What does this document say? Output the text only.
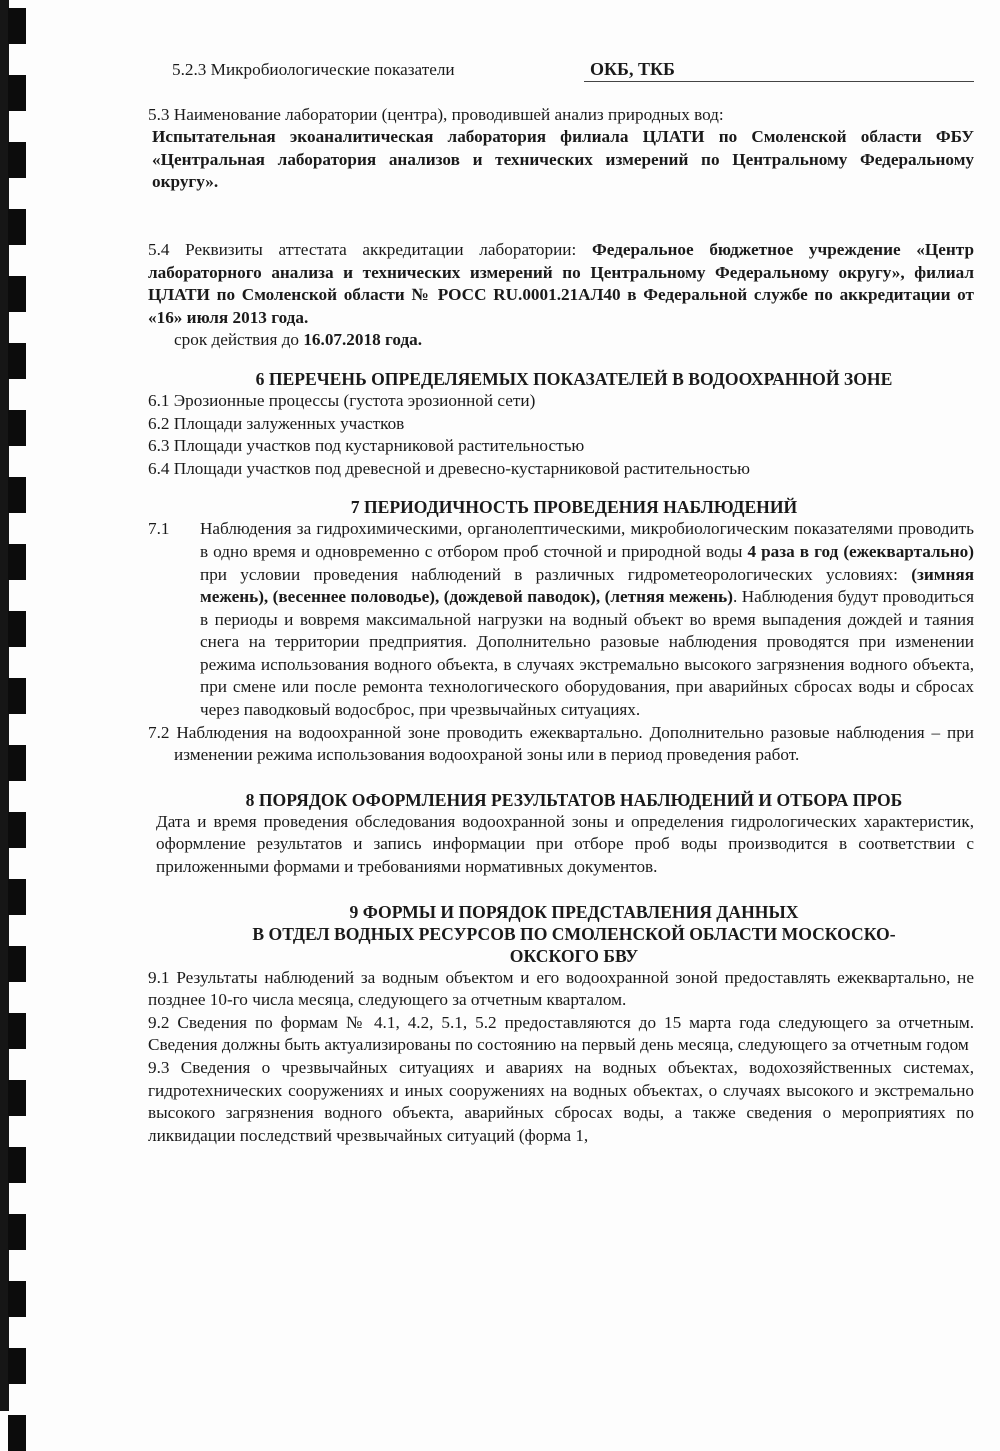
5.2.3 Микробиологические показатели	ОКБ, ТКБ

5.3 Наименование лаборатории (центра), проводившей анализ природных вод:

Испытательная экоаналитическая лаборатория филиала ЦЛАТИ по Смоленской области ФБУ «Центральная лаборатория анализов и технических измерений по Центральному Федеральному округу».

5.4 Реквизиты аттестата аккредитации лаборатории: Федеральное бюджетное учреждение «Центр лабораторного анализа и технических измерений по Центральному Федеральному округу», филиал ЦЛАТИ по Смоленской области № РОСС RU.0001.21АЛ40 в Федеральной службе по аккредитации от «16» июля 2013 года.

срок действия до 16.07.2018 года.

6 ПЕРЕЧЕНЬ ОПРЕДЕЛЯЕМЫХ ПОКАЗАТЕЛЕЙ В ВОДООХРАННОЙ ЗОНЕ
6.1 Эрозионные процессы (густота эрозионной сети)
6.2 Площади залуженных участков
6.3 Площади участков под кустарниковой растительностью
6.4 Площади участков под древесной и древесно-кустарниковой растительностью
7 ПЕРИОДИЧНОСТЬ ПРОВЕДЕНИЯ НАБЛЮДЕНИЙ
7.1	Наблюдения за гидрохимическими, органолептическими, микробиологическим показателями проводить в одно время и одновременно с отбором проб сточной и природной воды 4 раза в год (ежеквартально) при условии проведения наблюдений в различных гидрометеорологических условиях: (зимняя межень), (весеннее половодье), (дождевой паводок), (летняя межень). Наблюдения будут проводиться в периоды и вовремя максимальной нагрузки на водный объект во время выпадения дождей и таяния снега на территории предприятия. Дополнительно разовые наблюдения проводятся при изменении режима использования водного объекта, в случаях экстремально высокого загрязнения водного объекта, при смене или после ремонта технологического оборудования, при аварийных сбросах воды и сбросах через паводковый водосброс, при чрезвычайных ситуациях.

7.2 Наблюдения на водоохранной зоне проводить ежеквартально. Дополнительно разовые наблюдения – при изменении режима использования водоохраной зоны или в период проведения работ.

8 ПОРЯДОК ОФОРМЛЕНИЯ РЕЗУЛЬТАТОВ НАБЛЮДЕНИЙ И ОТБОРА ПРОБ

Дата и время проведения обследования водоохранной зоны и определения гидрологических характеристик, оформление результатов и запись информации при отборе проб воды производится в соответствии с приложенными формами и требованиями нормативных документов.

9 ФОРМЫ И ПОРЯДОК ПРЕДСТАВЛЕНИЯ ДАННЫХ
В ОТДЕЛ ВОДНЫХ РЕСУРСОВ ПО СМОЛЕНСКОЙ ОБЛАСТИ МОСКОСКО-
ОКСКОГО БВУ

9.1 Результаты наблюдений за водным объектом и его водоохранной зоной предоставлять ежеквартально, не позднее 10-го числа месяца, следующего за отчетным кварталом.

9.2 Сведения по формам № 4.1, 4.2, 5.1, 5.2 предоставляются до 15 марта года следующего за отчетным. Сведения должны быть актуализированы по состоянию на первый день месяца, следующего за отчетным годом

9.3 Сведения о чрезвычайных ситуациях и авариях на водных объектах, водохозяйственных системах, гидротехнических сооружениях и иных сооружениях на водных объектах, о случаях высокого и экстремально высокого загрязнения водного объекта, аварийных сбросах воды, а также сведения о мероприятиях по ликвидации последствий чрезвычайных ситуаций (форма 1,
